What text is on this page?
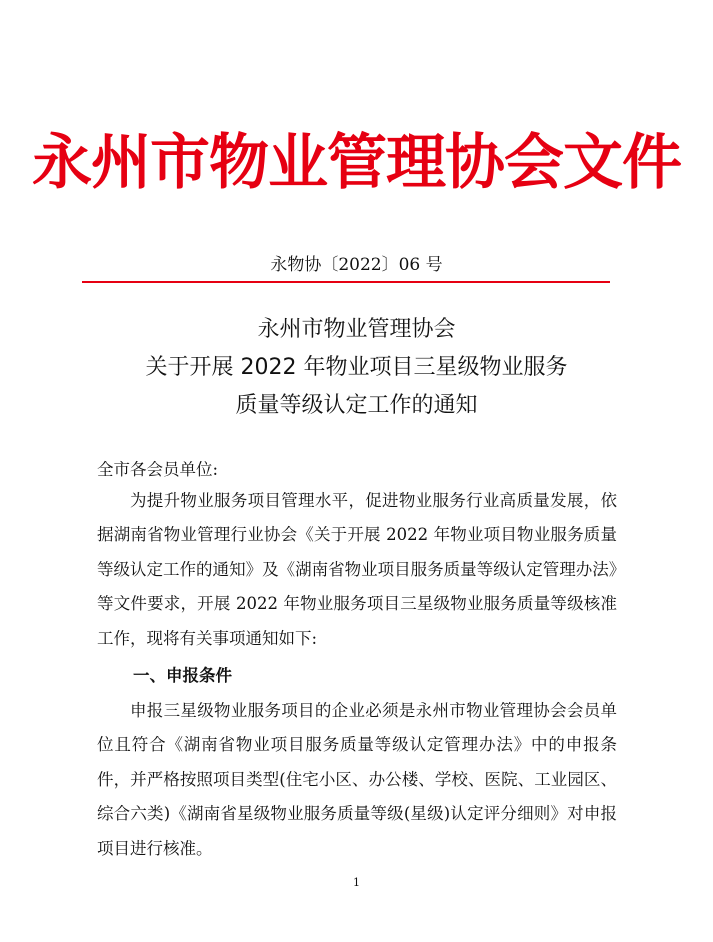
永州市物业管理协会文件
永物协〔2022〕06 号
永州市物业管理协会
关于开展 2022 年物业项目三星级物业服务
质量等级认定工作的通知
全市各会员单位:

为提升物业服务项目管理水平，促进物业服务行业高质量发展，依据湖南省物业管理行业协会《关于开展 2022 年物业项目物业服务质量等级认定工作的通知》及《湖南省物业项目服务质量等级认定管理办法》等文件要求，开展 2022 年物业服务项目三星级物业服务质量等级核准工作，现将有关事项通知如下:

一、申报条件

申报三星级物业服务项目的企业必须是永州市物业管理协会会员单位且符合《湖南省物业项目服务质量等级认定管理办法》中的申报条件，并严格按照项目类型(住宅小区、办公楼、学校、医院、工业园区、综合六类)《湖南省星级物业服务质量等级(星级)认定评分细则》对申报项目进行核准。

1
